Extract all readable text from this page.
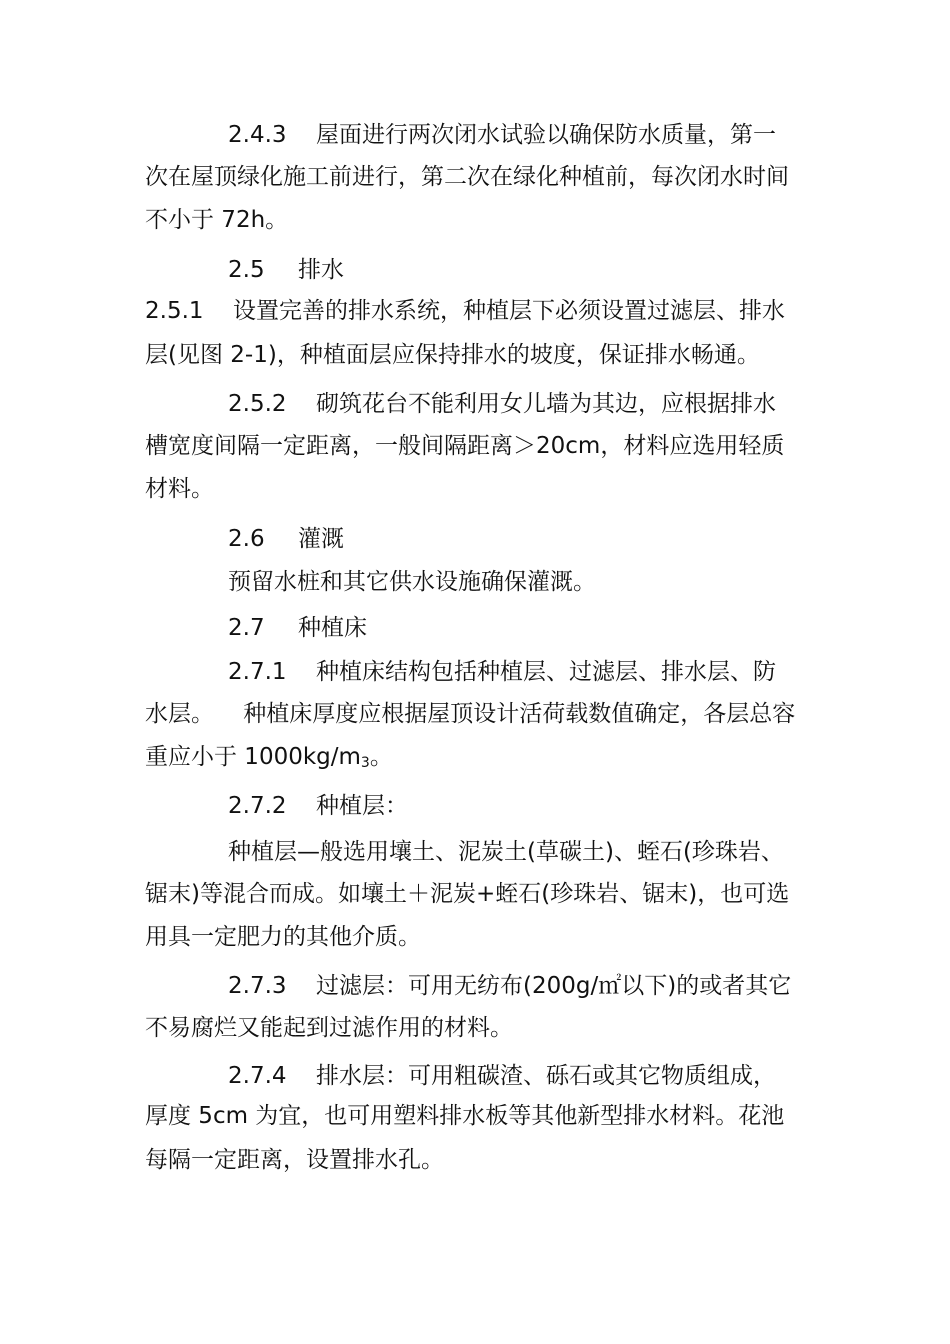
2.4.3 屋面进行两次闭水试验以确保防水质量，第一
次在屋顶绿化施工前进行，第二次在绿化种植前，每次闭水时间
不小于 72h。
2.5 排水
2.5.1 设置完善的排水系统，种植层下必须设置过滤层、排水
层(见图 2-1)，种植面层应保持排水的坡度，保证排水畅通。
2.5.2 砌筑花台不能利用女儿墙为其边，应根据排水
槽宽度间隔一定距离，一般间隔距离＞20cm，材料应选用轻质
材料。
2.6 灌溉
预留水桩和其它供水设施确保灌溉。
2.7 种植床
2.7.1 种植床结构包括种植层、过滤层、排水层、防
水层。    种植床厚度应根据屋顶设计活荷载数值确定，各层总容
重应小于 $1000kg/m_3$。
2.7.2 种植层：
种植层—般选用壤土、泥炭土(草碳土)、蛭石(珍珠岩、
锯末)等混合而成。如壤土＋泥炭+蛭石(珍珠岩、锯末)，也可选
用具一定肥力的其他介质。
2.7.3 过滤层：可用无纺布(200g/㎡以下)的或者其它
不易腐烂又能起到过滤作用的材料。
2.7.4 排水层：可用粗碳渣、砾石或其它物质组成，
厚度 5cm 为宜，也可用塑料排水板等其他新型排水材料。花池
每隔一定距离，设置排水孔。
